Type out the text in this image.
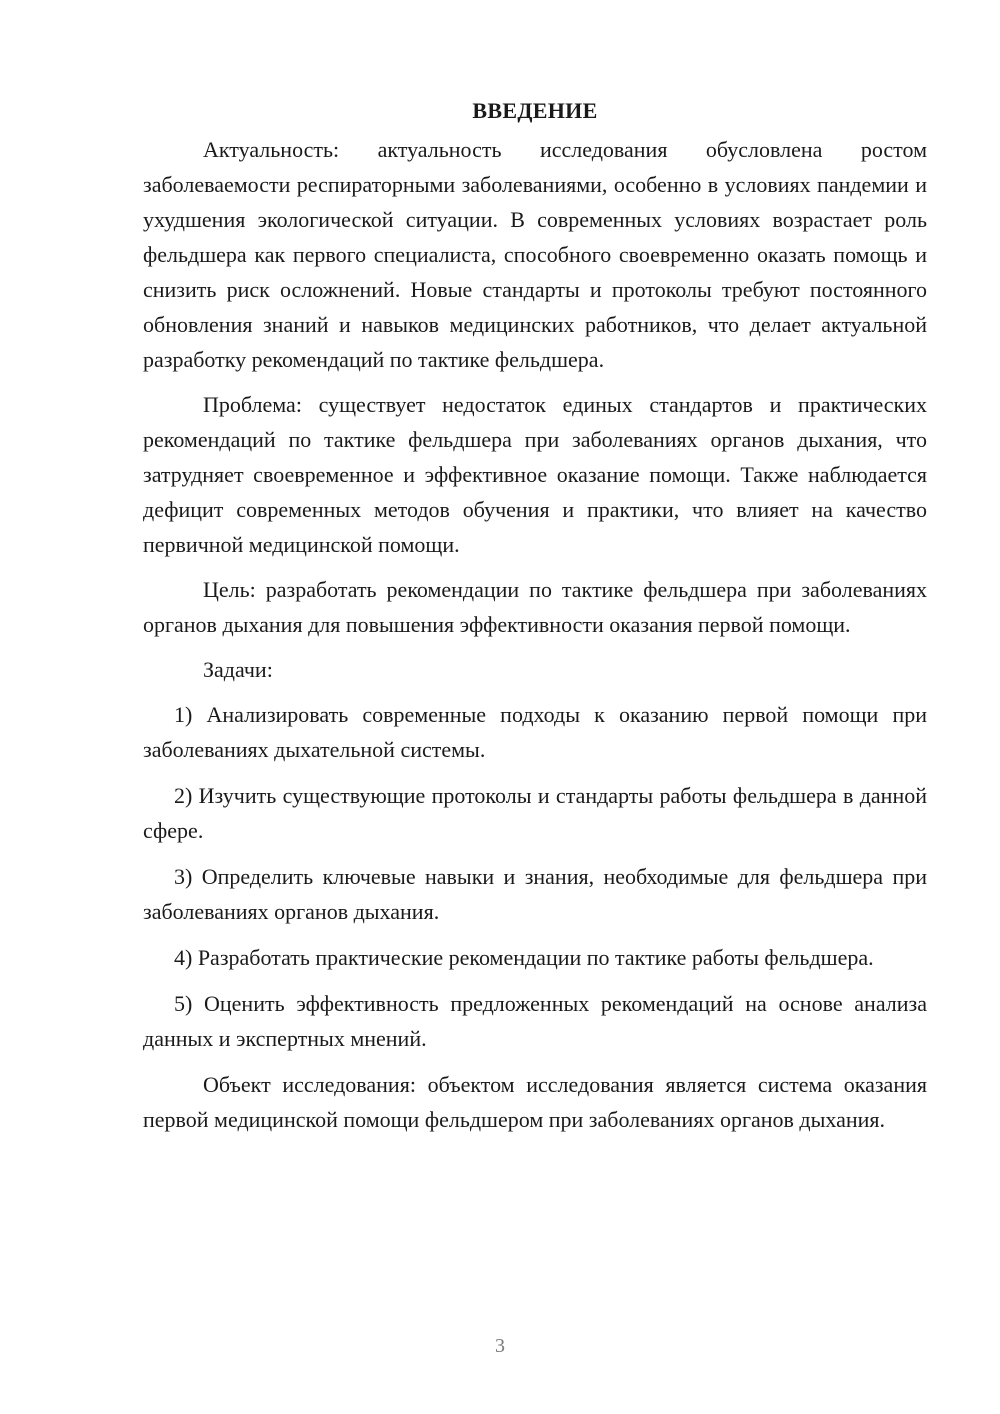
ВВЕДЕНИЕ

Актуальность: актуальность исследования обусловлена ростом заболеваемости респираторными заболеваниями, особенно в условиях пандемии и ухудшения экологической ситуации. В современных условиях возрастает роль фельдшера как первого специалиста, способного своевременно оказать помощь и снизить риск осложнений. Новые стандарты и протоколы требуют постоянного обновления знаний и навыков медицинских работников, что делает актуальной разработку рекомендаций по тактике фельдшера.

Проблема: существует недостаток единых стандартов и практических рекомендаций по тактике фельдшера при заболеваниях органов дыхания, что затрудняет своевременное и эффективное оказание помощи. Также наблюдается дефицит современных методов обучения и практики, что влияет на качество первичной медицинской помощи.

Цель: разработать рекомендации по тактике фельдшера при заболеваниях органов дыхания для повышения эффективности оказания первой помощи.

Задачи:

1) Анализировать современные подходы к оказанию первой помощи при заболеваниях дыхательной системы.

2) Изучить существующие протоколы и стандарты работы фельдшера в данной сфере.

3) Определить ключевые навыки и знания, необходимые для фельдшера при заболеваниях органов дыхания.

4) Разработать практические рекомендации по тактике работы фельдшера.

5) Оценить эффективность предложенных рекомендаций на основе анализа данных и экспертных мнений.

Объект исследования: объектом исследования является система оказания первой медицинской помощи фельдшером при заболеваниях органов дыхания.

3
